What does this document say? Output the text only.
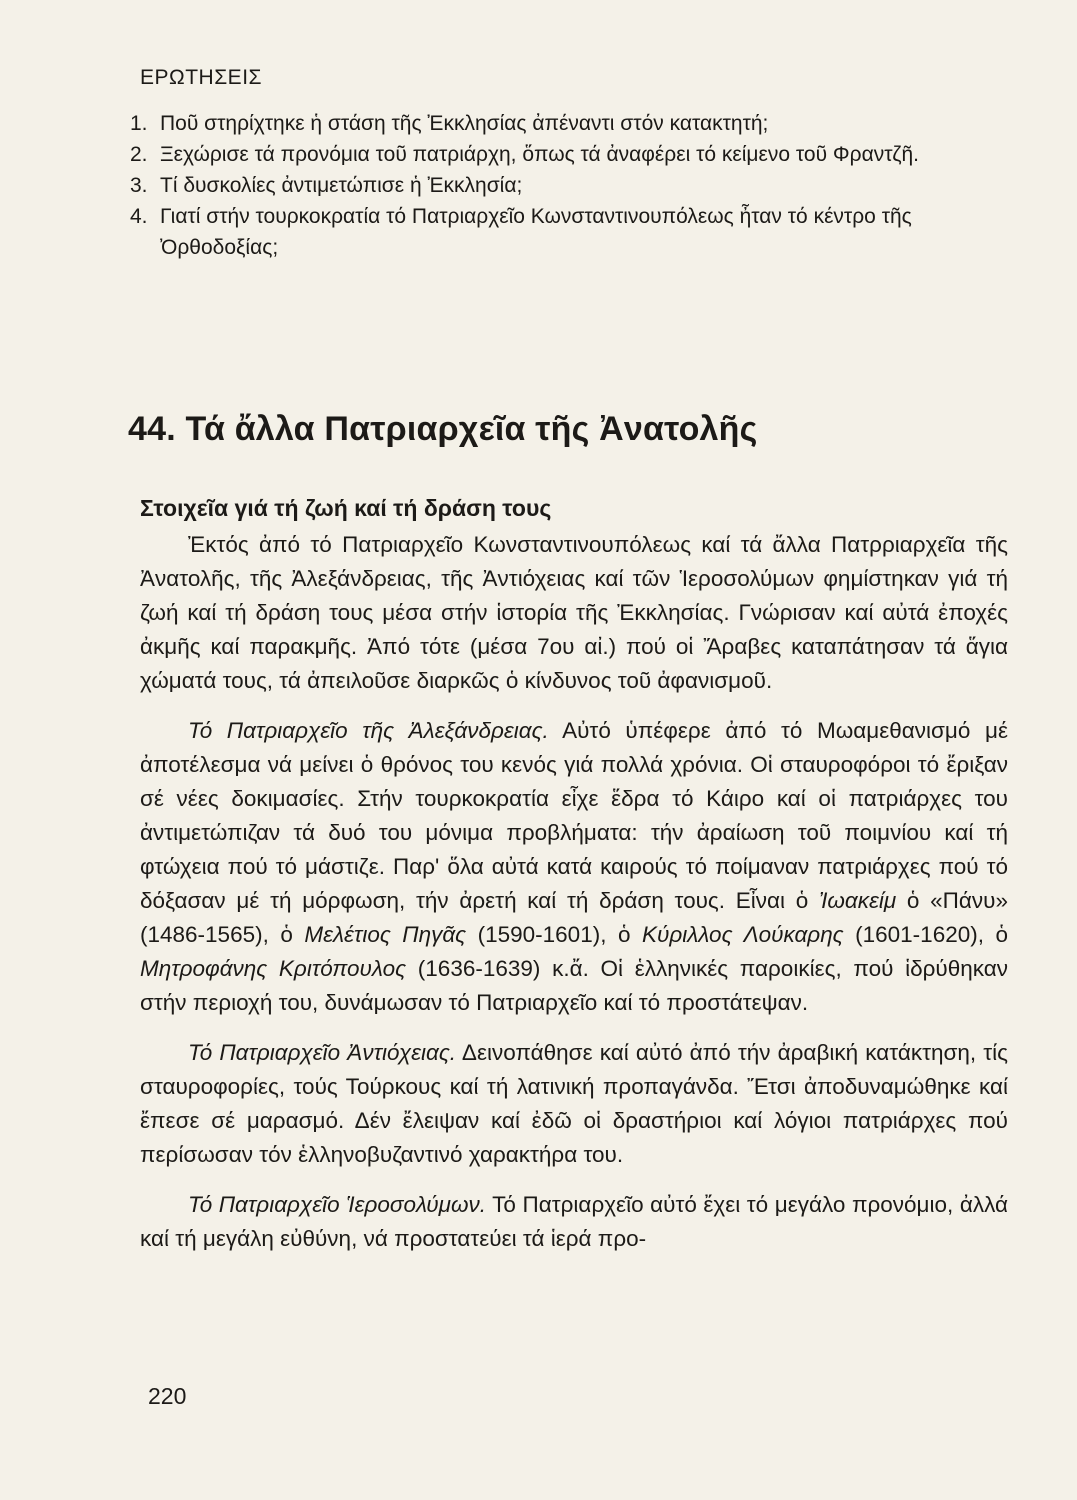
ΕΡΩΤΗΣΕΙΣ
1. Ποῦ στηρίχτηκε ἡ στάση τῆς Ἐκκλησίας ἀπέναντι στόν κατακτητή;
2. Ξεχώρισε τά προνόμια τοῦ πατριάρχη, ὅπως τά ἀναφέρει τό κείμενο τοῦ Φραντζῆ.
3. Τί δυσκολίες ἀντιμετώπισε ἡ Ἐκκλησία;
4. Γιατί στήν τουρκοκρατία τό Πατριαρχεῖο Κωνσταντινουπόλεως ἦταν τό κέντρο τῆς Ὀρθοδοξίας;
44. Τά ἄλλα Πατριαρχεῖα τῆς Ἀνατολῆς
Στοιχεῖα γιά τή ζωή καί τή δράση τους

Ἐκτός ἀπό τό Πατριαρχεῖο Κωνσταντινουπόλεως καί τά ἄλλα Πατρριαρχεῖα τῆς Ἀνατολῆς, τῆς Ἀλεξάνδρειας, τῆς Ἀντιόχειας καί τῶν Ἱεροσολύμων φημίστηκαν γιά τή ζωή καί τή δράση τους μέσα στήν ἱστορία τῆς Ἐκκλησίας. Γνώρισαν καί αὐτά ἐποχές ἀκμῆς καί παρακμῆς. Ἀπό τότε (μέσα 7ου αἰ.) πού οἱ Ἄραβες καταπάτησαν τά ἅγια χώματά τους, τά ἀπειλοῦσε διαρκῶς ὁ κίνδυνος τοῦ ἀφανισμοῦ.

Τό Πατριαρχεῖο τῆς Ἀλεξάνδρειας. Αὐτό ὑπέφερε ἀπό τό Μωαμεθανισμό μέ ἀποτέλεσμα νά μείνει ὁ θρόνος του κενός γιά πολλά χρόνια. Οἱ σταυροφόροι τό ἔριξαν σέ νέες δοκιμασίες. Στήν τουρκοκρατία εἶχε ἕδρα τό Κάιρο καί οἱ πατριάρχες του ἀντιμετώπιζαν τά δυό του μόνιμα προβλήματα: τήν ἀραίωση τοῦ ποιμνίου καί τή φτώχεια πού τό μάστιζε. Παρ' ὅλα αὐτά κατά καιρούς τό ποίμαναν πατριάρχες πού τό δόξασαν μέ τή μόρφωση, τήν ἀρετή καί τή δράση τους. Εἶναι ὁ Ἰωακείμ ὁ «Πάνυ» (1486-1565), ὁ Μελέτιος Πηγᾶς (1590-1601), ὁ Κύριλλος Λούκαρης (1601-1620), ὁ Μητροφάνης Κριτόπουλος (1636-1639) κ.ἄ. Οἱ ἑλληνικές παροικίες, πού ἱδρύθηκαν στήν περιοχή του, δυνάμωσαν τό Πατριαρχεῖο καί τό προστάτεψαν.

Τό Πατριαρχεῖο Ἀντιόχειας. Δεινοπάθησε καί αὐτό ἀπό τήν ἀραβική κατάκτηση, τίς σταυροφορίες, τούς Τούρκους καί τή λατινική προπαγάνδα. Ἔτσι ἀποδυναμώθηκε καί ἔπεσε σέ μαρασμό. Δέν ἔλειψαν καί ἐδῶ οἱ δραστήριοι καί λόγιοι πατριάρχες πού περίσωσαν τόν ἑλληνοβυζαντινό χαρακτήρα του.

Τό Πατριαρχεῖο Ἱεροσολύμων. Τό Πατριαρχεῖο αὐτό ἔχει τό μεγάλο προνόμιο, ἀλλά καί τή μεγάλη εὐθύνη, νά προστατεύει τά ἱερά προ-

220
